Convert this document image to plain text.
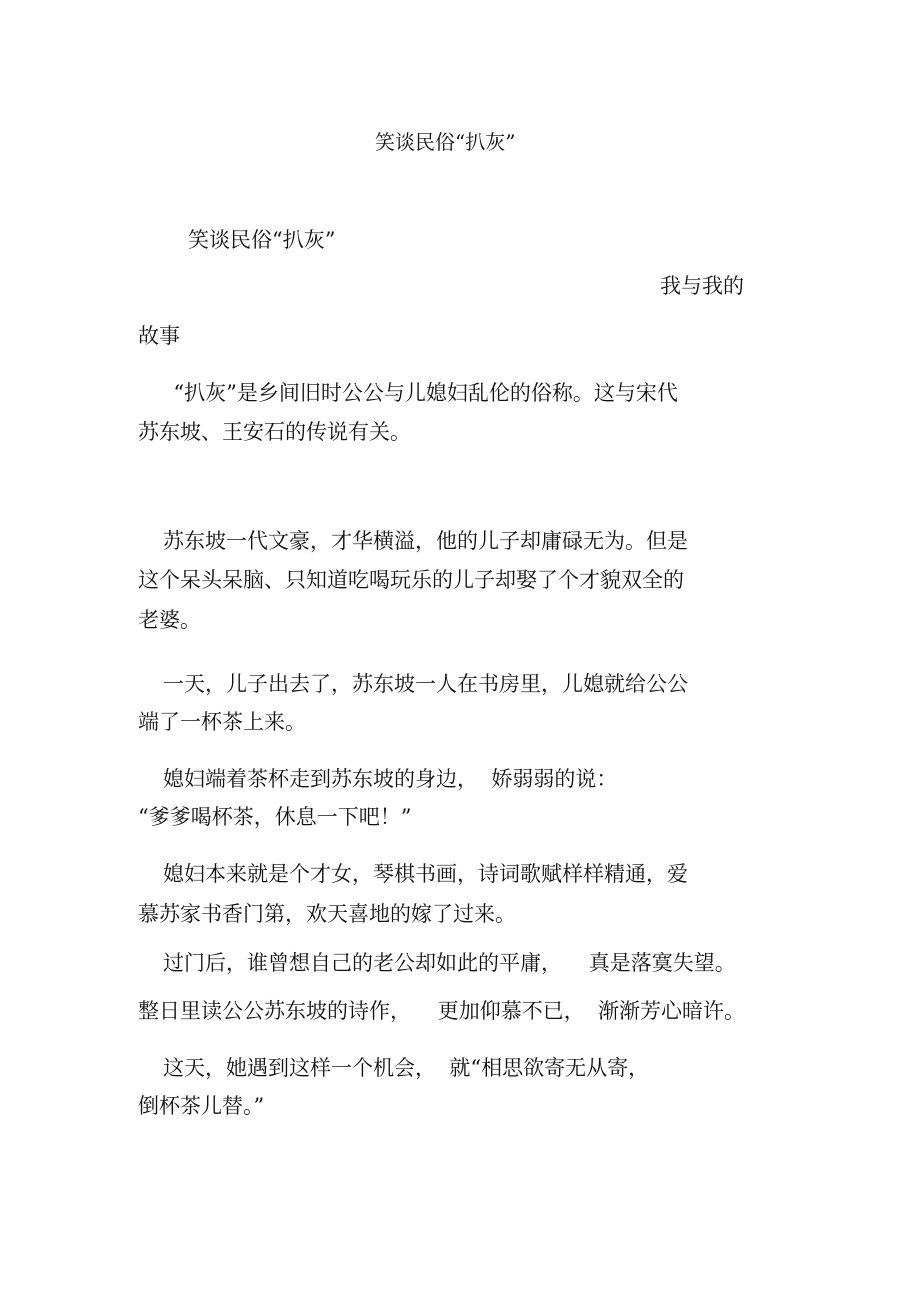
笑谈民俗“扒灰”

笑谈民俗“扒灰”

我与我的

故事

“扒灰”是乡间旧时公公与儿媳妇乱伦的俗称。这与宋代

苏东坡、王安石的传说有关。

苏东坡一代文豪，才华横溢，他的儿子却庸碌无为。但是

这个呆头呆脑、只知道吃喝玩乐的儿子却娶了个才貌双全的

老婆。

一天，儿子出去了，苏东坡一人在书房里，儿媳就给公公

端了一杯茶上来。

媳妇端着茶杯走到苏东坡的身边，  娇弱弱的说：

“爹爹喝杯茶，休息一下吧！”

媳妇本来就是个才女，琴棋书画，诗词歌赋样样精通，爱

慕苏家书香门第，欢天喜地的嫁了过来。

过门后，谁曾想自己的老公却如此的平庸，    真是落寞失望。

整日里读公公苏东坡的诗作，    更加仰慕不已，  渐渐芳心暗许。

这天，她遇到这样一个机会，  就“相思欲寄无从寄，

倒杯茶儿替。”
